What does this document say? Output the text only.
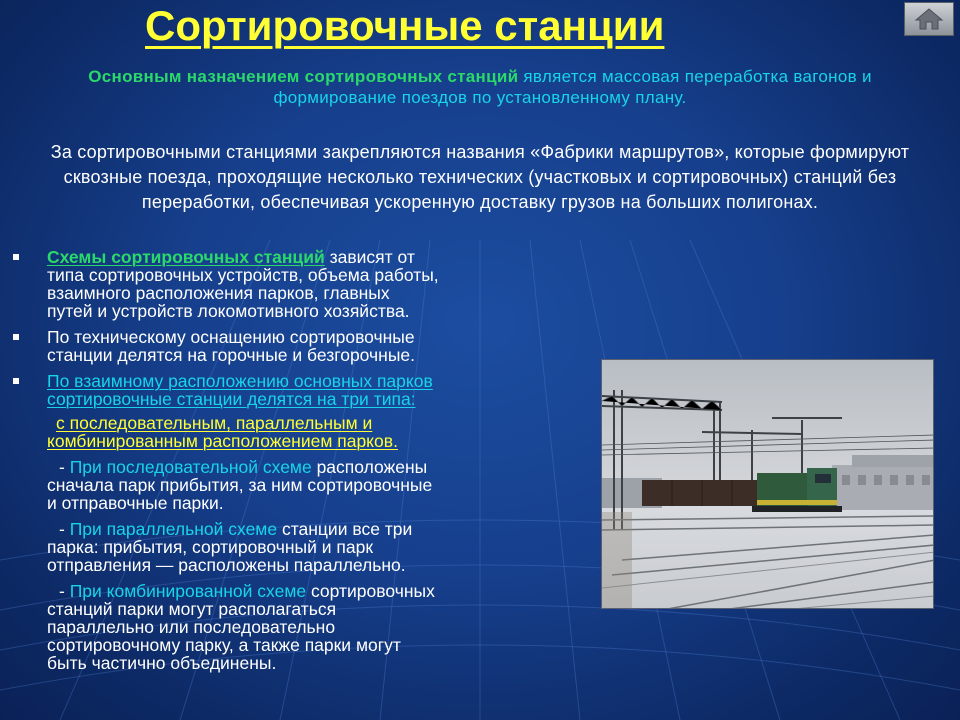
Сортировочные станции
Основным назначением сортировочных станций является массовая переработка вагонов и формирование поездов по установленному плану.
За сортировочными станциями закрепляются названия «Фабрики маршрутов», которые формируют сквозные поезда, проходящие несколько технических (участковых и сортировочных) станций без переработки, обеспечивая ускоренную доставку грузов на больших полигонах.
Схемы сортировочных станций зависят от
типа сортировочных устройств, объема работы,
взаимного расположения парков, главных
путей и устройств локомотивного хозяйства.
По техническому оснащению сортировочные
станции делятся на горочные и безгорочные.
По взаимному расположению основных парков
сортировочные станции делятся на три типа:
с последовательным, параллельным и
комбинированным расположением парков.
- При последовательной схеме расположены
сначала парк прибытия, за ним сортировочные
и отправочные парки.
- При параллельной схеме станции все три
парка: прибытия, сортировочный и парк
отправления — расположены параллельно.
- При комбинированной схеме сортировочных
станций парки могут располагаться
параллельно или последовательно
сортировочному парку, а также парки могут
быть частично объединены.
